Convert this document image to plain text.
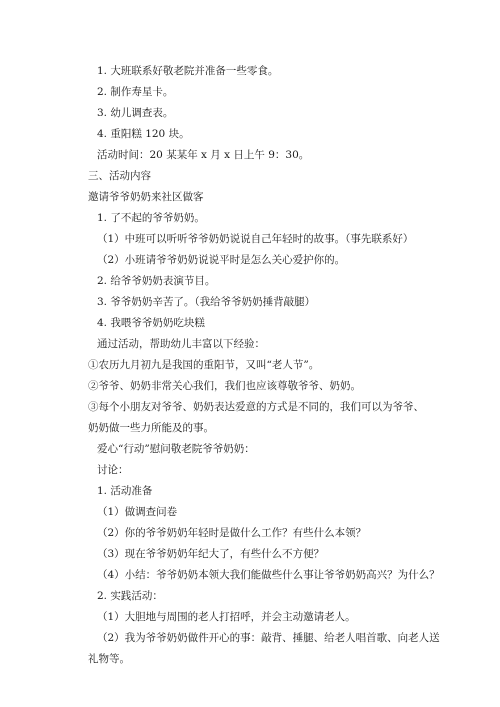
1. 大班联系好敬老院并准备一些零食。
2. 制作寿星卡。
3. 幼儿调查表。
4. 重阳糕 120 块。
活动时间：20 某某年 x 月 x 日上午 9：30。
三、活动内容
邀请爷爷奶奶来社区做客
1. 了不起的爷爷奶奶。
（1）中班可以听听爷爷奶奶说说自己年轻时的故事。（事先联系好）
（2）小班请爷爷奶奶说说平时是怎么关心爱护你的。
2. 给爷爷奶奶表演节目。
3. 爷爷奶奶辛苦了。（我给爷爷奶奶捶背敲腿）
4. 我喂爷爷奶奶吃块糕
通过活动，帮助幼儿丰富以下经验：
①农历九月初九是我国的重阳节，又叫“老人节”。
②爷爷、奶奶非常关心我们，我们也应该尊敬爷爷、奶奶。
③每个小朋友对爷爷、奶奶表达爱意的方式是不同的，我们可以为爷爷、
奶奶做一些力所能及的事。
爱心“行动”慰问敬老院爷爷奶奶：
讨论：
1. 活动准备
（1）做调查问卷
（2）你的爷爷奶奶年轻时是做什么工作？有些什么本领？
（3）现在爷爷奶奶年纪大了，有些什么不方便？
（4）小结：爷爷奶奶本领大我们能做些什么事让爷爷奶奶高兴？为什么？
2. 实践活动：
（1）大胆地与周围的老人打招呼，并会主动邀请老人。
（2）我为爷爷奶奶做件开心的事：敲背、捶腿、给老人唱首歌、向老人送
礼物等。
